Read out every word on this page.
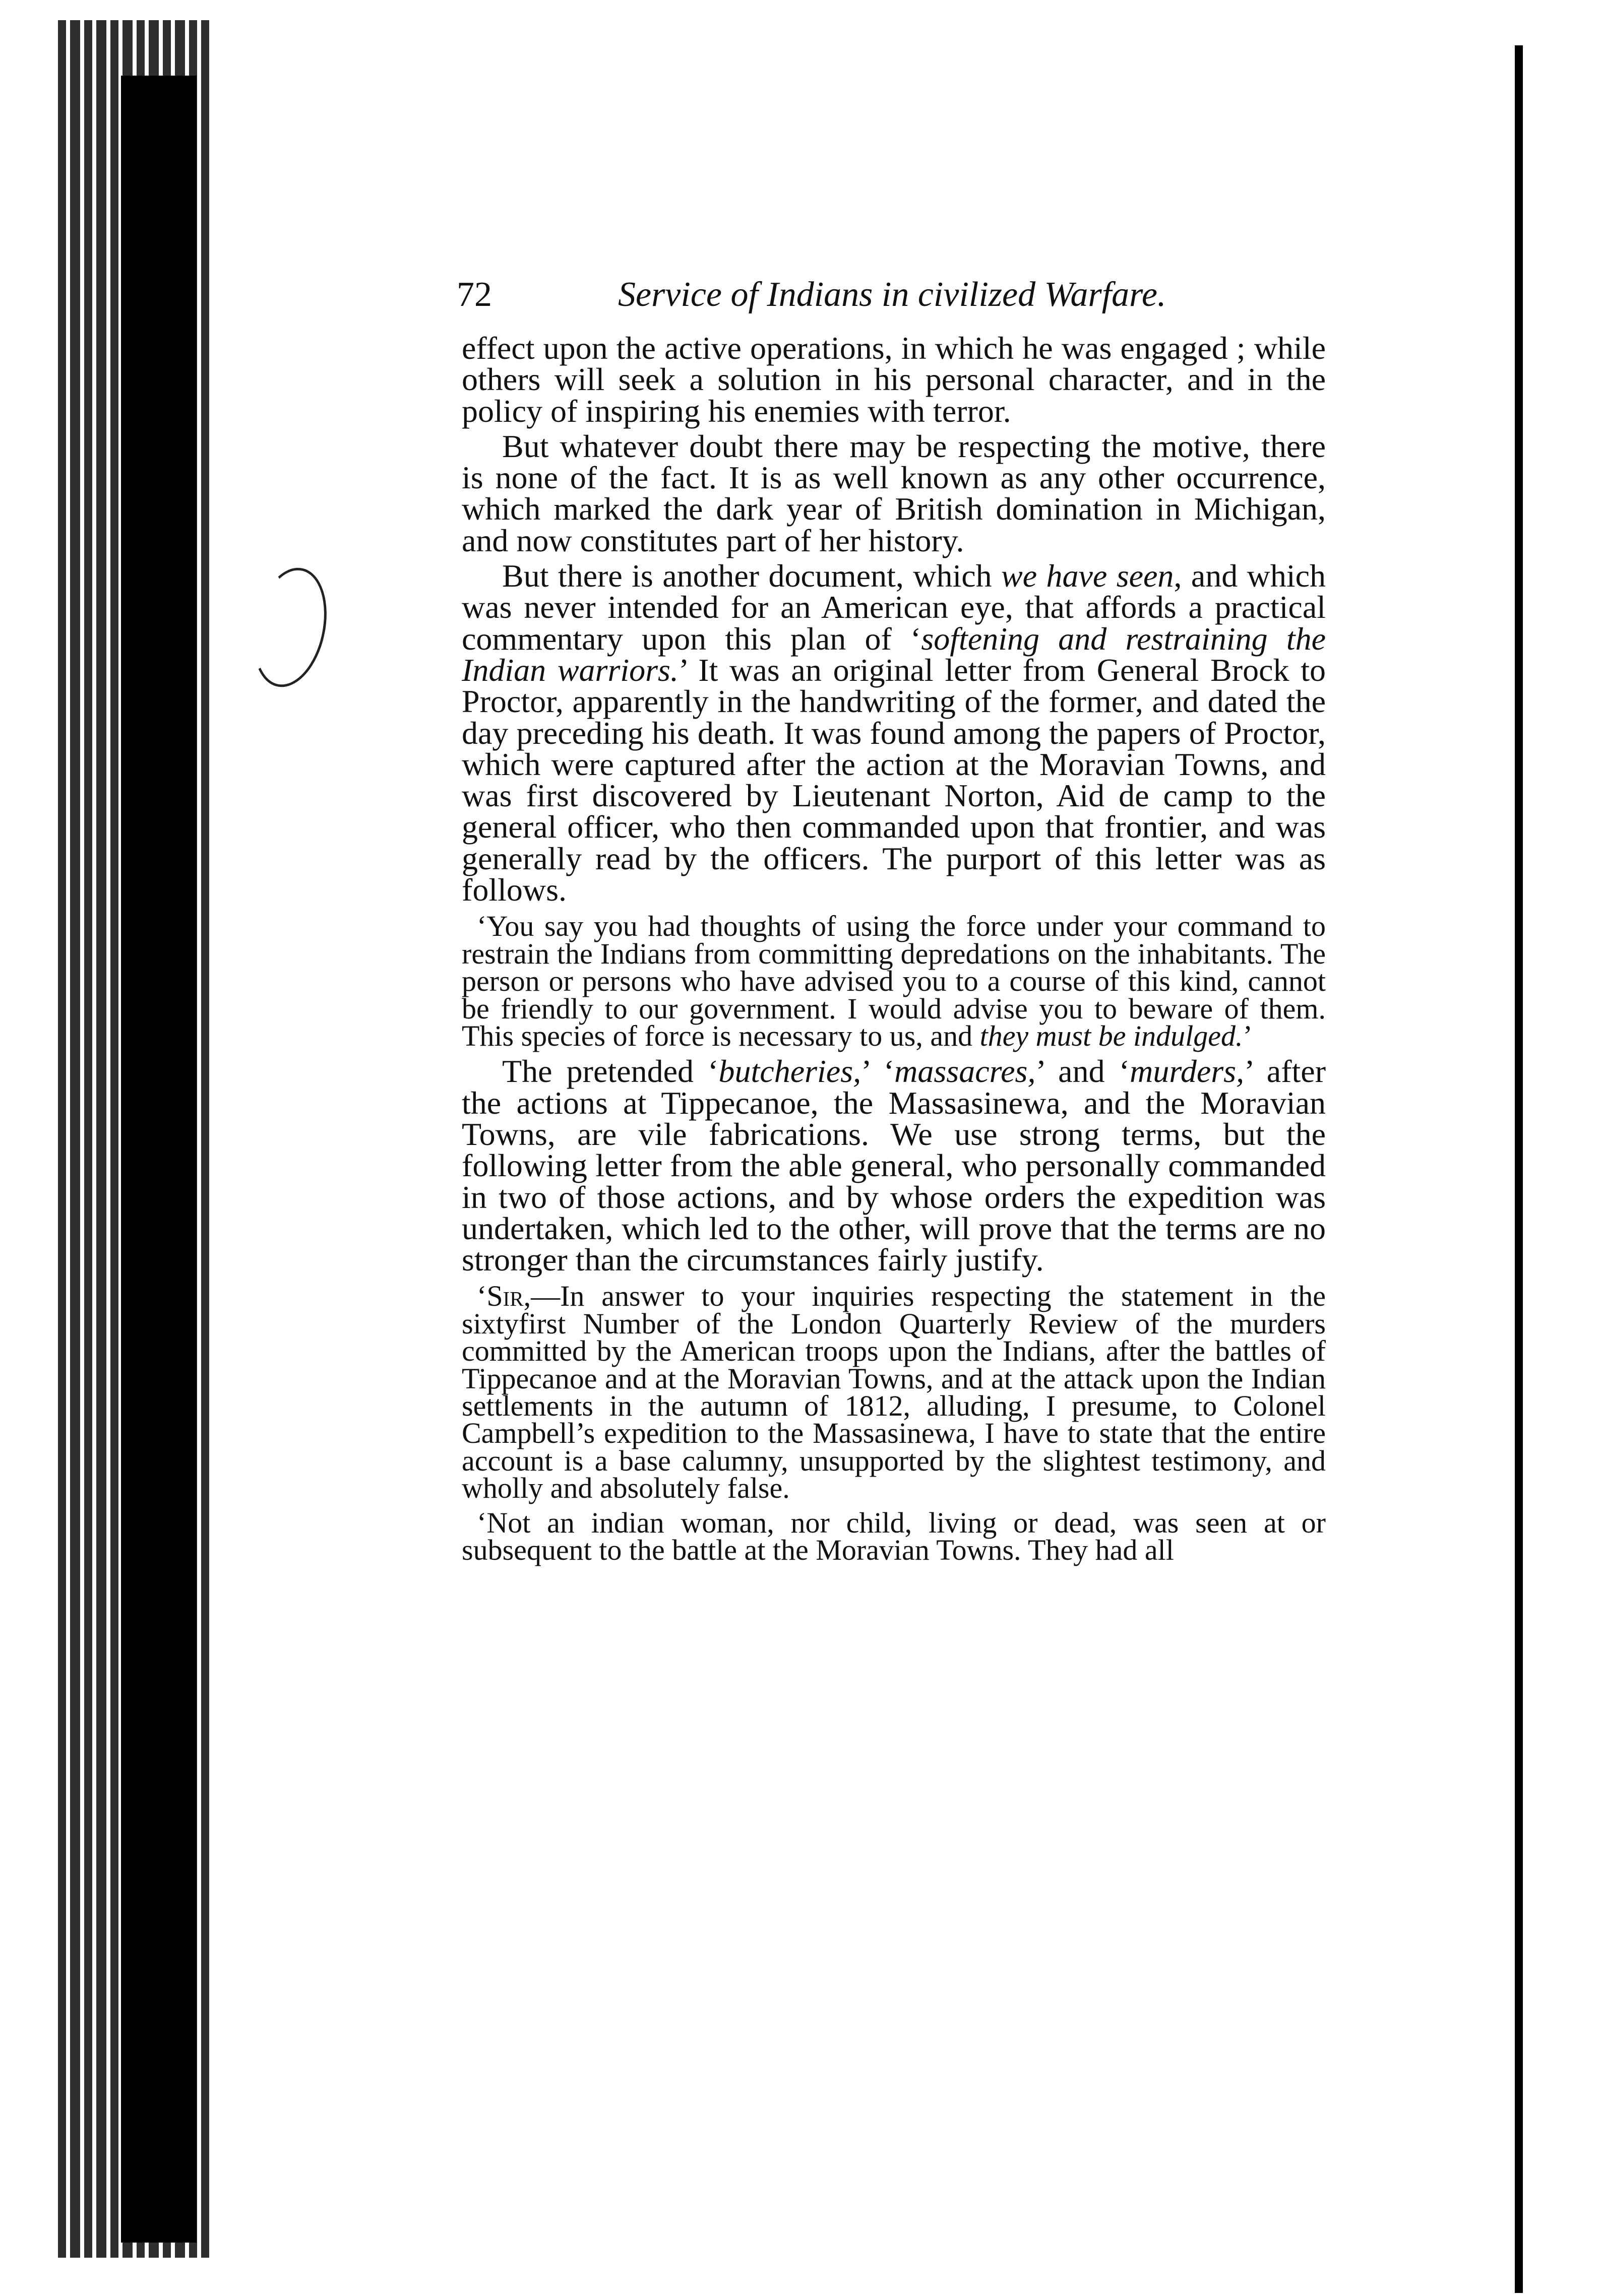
72	Service of Indians in civilized Warfare.

effect upon the active operations, in which he was engaged ; while others will seek a solution in his personal character, and in the policy of inspiring his enemies with terror.

But whatever doubt there may be respecting the motive, there is none of the fact. It is as well known as any other occurrence, which marked the dark year of British domination in Michigan, and now constitutes part of her history.

But there is another document, which we have seen, and which was never intended for an American eye, that affords a practical commentary upon this plan of ‘softening and restraining the Indian warriors.’ It was an original letter from General Brock to Proctor, apparently in the handwriting of the former, and dated the day preceding his death. It was found among the papers of Proctor, which were captured after the action at the Moravian Towns, and was first discovered by Lieutenant Norton, Aid de camp to the general officer, who then commanded upon that frontier, and was generally read by the officers. The purport of this letter was as follows.

‘You say you had thoughts of using the force under your command to restrain the Indians from committing depredations on the inhabitants. The person or persons who have advised you to a course of this kind, cannot be friendly to our government. I would advise you to beware of them. This species of force is necessary to us, and they must be indulged.’

The pretended ‘butcheries,’ ‘massacres,’ and ‘murders,’ after the actions at Tippecanoe, the Massasinewa, and the Moravian Towns, are vile fabrications. We use strong terms, but the following letter from the able general, who personally commanded in two of those actions, and by whose orders the expedition was undertaken, which led to the other, will prove that the terms are no stronger than the circumstances fairly justify.

‘Sir,—In answer to your inquiries respecting the statement in the sixtyfirst Number of the London Quarterly Review of the murders committed by the American troops upon the Indians, after the battles of Tippecanoe and at the Moravian Towns, and at the attack upon the Indian settlements in the autumn of 1812, alluding, I presume, to Colonel Campbell’s expedition to the Massasinewa, I have to state that the entire account is a base calumny, unsupported by the slightest testimony, and wholly and absolutely false.

‘Not an indian woman, nor child, living or dead, was seen at or subsequent to the battle at the Moravian Towns. They had all
